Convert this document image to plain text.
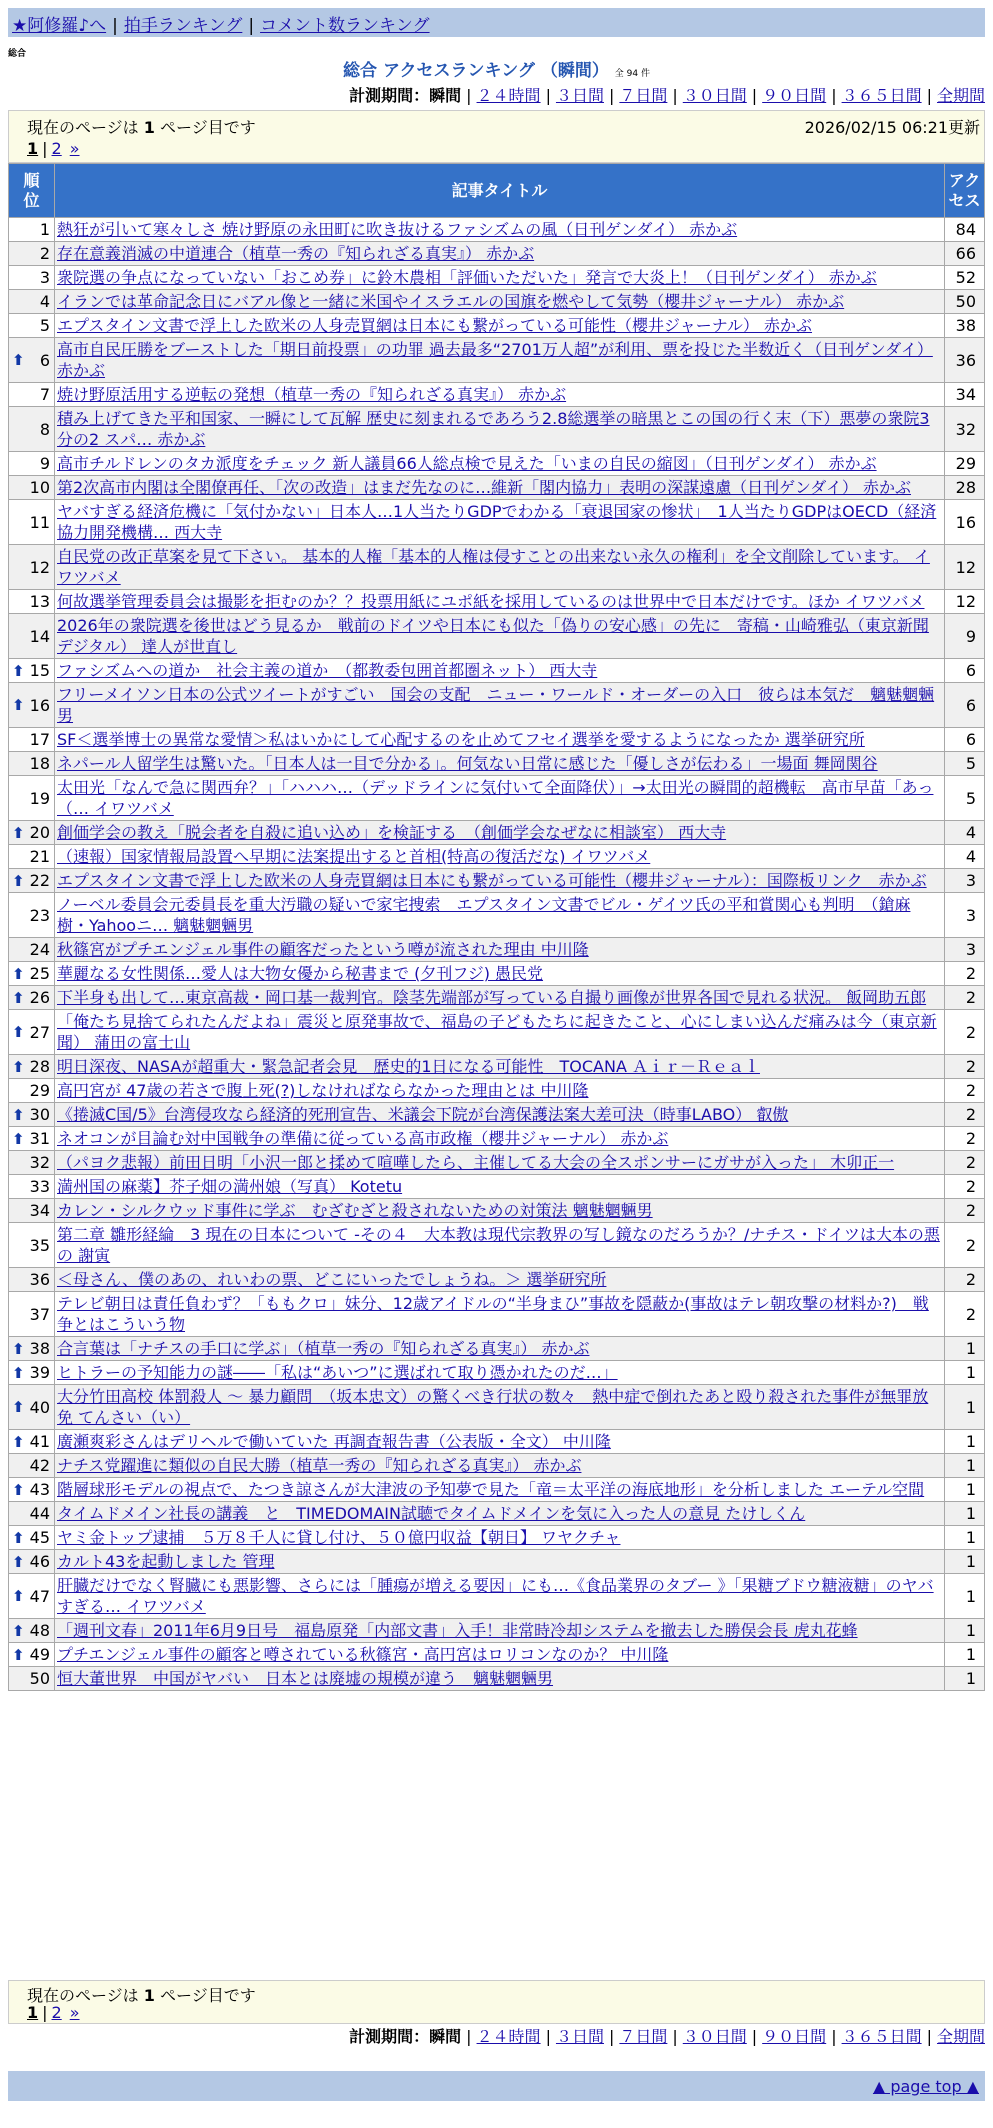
★阿修羅♪へ | 拍手ランキング | コメント数ランキング
総合
総合 アクセスランキング （瞬間） 全 94 件
計測期間：瞬間 | ２４時間 | ３日間 | ７日間 | ３０日間 | ９０日間 | ３６５日間 | 全期間
現在のページは 1 ページ目です	2026/02/15 06:21更新
1 | 2 »
順位	記事タイトル	アクセス
1	熱狂が引いて寒々しさ 焼け野原の永田町に吹き抜けるファシズムの風（日刊ゲンダイ） 赤かぶ	84
2	存在意義消滅の中道連合（植草一秀の『知られざる真実』） 赤かぶ	66
3	衆院選の争点になっていない「おこめ券」に鈴木農相「評価いただいた」発言で大炎上！（日刊ゲンダイ） 赤かぶ	52
4	イランでは革命記念日にバアル像と一緒に米国やイスラエルの国旗を燃やして気勢（櫻井ジャーナル） 赤かぶ	50
5	エプスタイン文書で浮上した欧米の人身売買網は日本にも繋がっている可能性（櫻井ジャーナル） 赤かぶ	38

⬆ 6	高市自民圧勝をブーストした「期日前投票」の功罪 過去最多“2701万人超”が利用、票を投じた半数近く（日刊ゲンダイ） 赤かぶ	36
7	焼け野原活用する逆転の発想（植草一秀の『知られざる真実』） 赤かぶ	34
8	積み上げてきた平和国家、一瞬にして瓦解 歴史に刻まれるであろう2.8総選挙の暗黒とこの国の行く末（下）悪夢の衆院3分の2 スパ… 赤かぶ	32
9	高市チルドレンのタカ派度をチェック 新人議員66人総点検で見えた「いまの自民の縮図」（日刊ゲンダイ） 赤かぶ	29
10	第2次高市内閣は全閣僚再任、「次の改造」はまだ先なのに…維新「閣内協力」表明の深謀遠慮（日刊ゲンダイ） 赤かぶ	28
11	ヤバすぎる経済危機に「気付かない」日本人…1人当たりGDPでわかる「衰退国家の惨状」　1人当たりGDPはOECD（経済協力開発機構… 西大寺	16
12	自民党の改正草案を見て下さい。 基本的人権「基本的人権は侵すことの出来ない永久の権利」を全文削除しています。 イワツバメ	12
13	何故選挙管理委員会は撮影を拒むのか？？投票用紙にユポ紙を採用しているのは世界中で日本だけです。ほか イワツバメ	12
14	2026年の衆院選を後世はどう見るか　戦前のドイツや日本にも似た「偽りの安心感」の先に　寄稿・山崎雅弘（東京新聞デジタル） 達人が世直し	9

⬆ 15	ファシズムへの道か　社会主義の道か　（都教委包囲首都圏ネット） 西大寺	6

⬆ 16	フリーメイソン日本の公式ツイートがすごい　国会の支配　ニュー・ワールド・オーダーの入口　彼らは本気だ　魑魅魍魎男	6
17	SF＜選挙博士の異常な愛情＞私はいかにして心配するのを止めてフセイ選挙を愛するようになったか 選挙研究所	6
18	ネパール人留学生は驚いた。「日本人は一目で分かる」。何気ない日常に感じた「優しさが伝わる」一場面 舞岡関谷	5
19	太田光「なんで急に関西弁？」「ハハハ…（デッドラインに気付いて全面降伏）」→太田光の瞬間的超機転　高市早苗「あっ（… イワツバメ	5

⬆ 20	創価学会の教え「脱会者を自殺に追い込め」を検証する　（創価学会なぜなに相談室） 西大寺	4
21	（速報）国家情報局設置へ早期に法案提出すると首相(特高の復活だな) イワツバメ	4

⬆ 22	エプスタイン文書で浮上した欧米の人身売買網は日本にも繋がっている可能性（櫻井ジャーナル）：国際板リンク　赤かぶ	3
23	ノーベル委員会元委員長を重大汚職の疑いで家宅捜索　エプスタイン文書でビル・ゲイツ氏の平和賞関心も判明　（鎗麻樹・Yahooニ… 魑魅魍魎男	3
24	秋篠宮がプチエンジェル事件の顧客だったという噂が流された理由 中川隆	3

⬆ 25	華麗なる女性関係…愛人は大物女優から秘書まで (夕刊フジ) 愚民党	2

⬆ 26	下半身も出して…東京高裁・岡口基一裁判官。陰茎先端部が写っている自撮り画像が世界各国で見れる状況。 飯岡助五郎	2

⬆ 27	「俺たち見捨てられたんだよね」震災と原発事故で、福島の子どもたちに起きたこと、心にしまい込んだ痛みは今（東京新聞） 蒲田の富士山	2

⬆ 28	明日深夜、NASAが超重大・緊急記者会見　歴史的1日になる可能性　TOCANA Ａｉｒ－Ｒｅａｌ	2
29	高円宮が 47歳の若さで腹上死(?)しなければならなかった理由とは 中川隆	2

⬆ 30	《捲滅C国/5》台湾侵攻なら経済的死刑宣告、米議会下院が台湾保護法案大差可決（時事LABO） 叡傲	2

⬆ 31	ネオコンが目論む対中国戦争の準備に従っている高市政権（櫻井ジャーナル） 赤かぶ	2
32	（パヨク悲報）前田日明「小沢一郎と揉めて喧嘩したら、主催してる大会の全スポンサーにガサが入った」 木卯正一	2
33	満州国の麻薬】芥子畑の満州娘（写真） Kotetu	2
34	カレン・シルクウッド事件に学ぶ　むざむざと殺されないための対策法 魑魅魍魎男	2
35	第二章 雛形経綸　3 現在の日本について -その４　大本教は現代宗教界の写し鏡なのだろうか？/ナチス・ドイツは大本の悪の 謝寅	2
36	＜母さん、僕のあの、れいわの票、どこにいったでしょうね。＞ 選挙研究所	2
37	テレビ朝日は責任負わず？「ももクロ」妹分、12歳アイドルの“半身まひ”事故を隠蔽か(事故はテレ朝攻撃の材料か?)　戦争とはこういう物	2

⬆ 38	合言葉は「ナチスの手口に学ぶ」（植草一秀の『知られざる真実』） 赤かぶ	1

⬆ 39	ヒトラーの予知能力の謎――「私は“あいつ”に選ばれて取り憑かれたのだ…」	1

⬆ 40	大分竹田高校 体罰殺人 ～ 暴力顧問　（坂本忠文）の驚くべき行状の数々　熱中症で倒れたあと殴り殺された事件が無罪放免 てんさい（い）	1

⬆ 41	廣瀬爽彩さんはデリヘルで働いていた 再調査報告書（公表版・全文） 中川隆	1
42	ナチス党躍進に類似の自民大勝（植草一秀の『知られざる真実』） 赤かぶ	1

⬆ 43	階層球形モデルの視点で、たつき諒さんが大津波の予知夢で見た「竜＝太平洋の海底地形」を分析しました エーテル空間	1
44	タイムドメイン社長の講義　と　TIMEDOMAIN試聴でタイムドメインを気に入った人の意見 たけしくん	1

⬆ 45	ヤミ金トップ逮捕　５万８千人に貸し付け、５０億円収益【朝日】 ワヤクチャ	1

⬆ 46	カルト43を起動しました 管理	1

⬆ 47	肝臓だけでなく腎臓にも悪影響、さらには「腫瘍が増える要因」にも…《食品業界のタブー 》「果糖ブドウ糖液糖」のヤバすぎる… イワツバメ	1

⬆ 48	「週刊文春」2011年6月9日号　福島原発「内部文書」入手！非常時冷却システムを撤去した勝俣会長 虎丸花蜂	1

⬆ 49	プチエンジェル事件の顧客と噂されている秋篠宮・高円宮はロリコンなのか？ 中川隆	1
50	恒大董世界　中国がヤバい　日本とは廃墟の規模が違う　魑魅魍魎男	1
現在のページは 1 ページ目です
1 | 2 »
計測期間：瞬間 | ２４時間 | ３日間 | ７日間 | ３０日間 | ９０日間 | ３６５日間 | 全期間
▲ page top ▲
